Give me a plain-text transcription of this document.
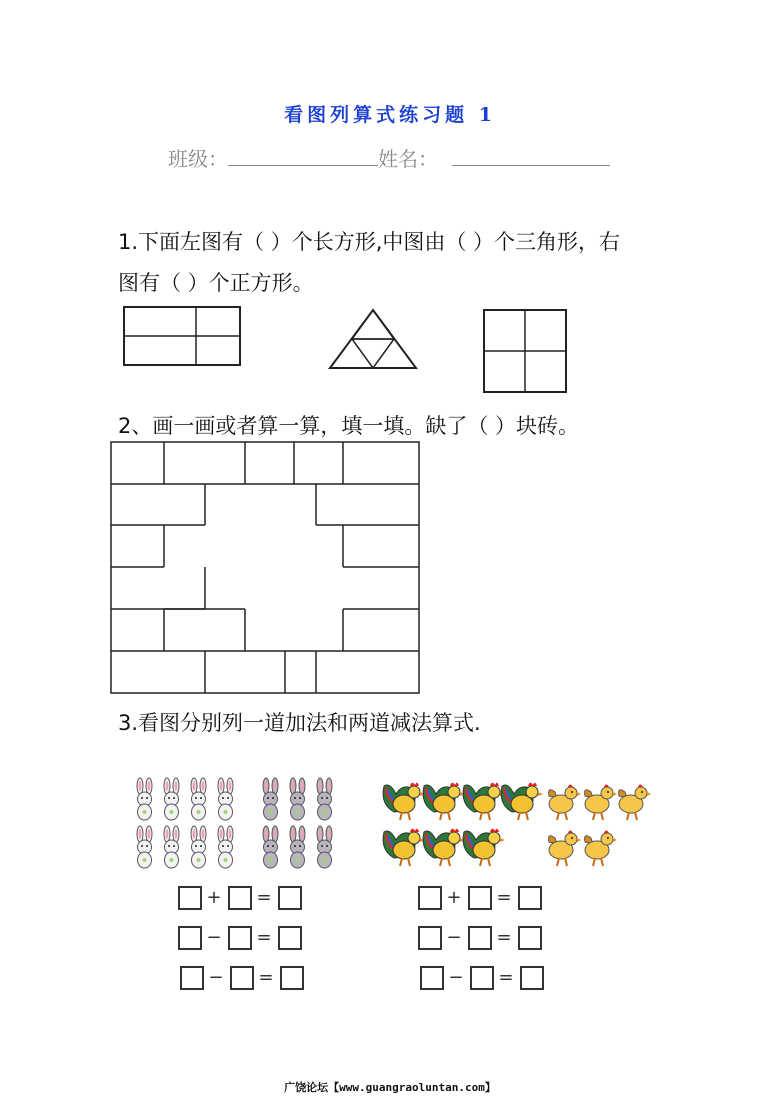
看图列算式练习题 1
班级：	姓名：
1.下面左图有（ ）个长方形,中图由（ ）个三角形，右
图有（ ）个正方形。
2、画一画或者算一算，填一填。缺了（ ）块砖。
3.看图分别列一道加法和两道减法算式.
+ =
− =
− =
+ =
− =
− =
广饶论坛【www.guangraoluntan.com】
